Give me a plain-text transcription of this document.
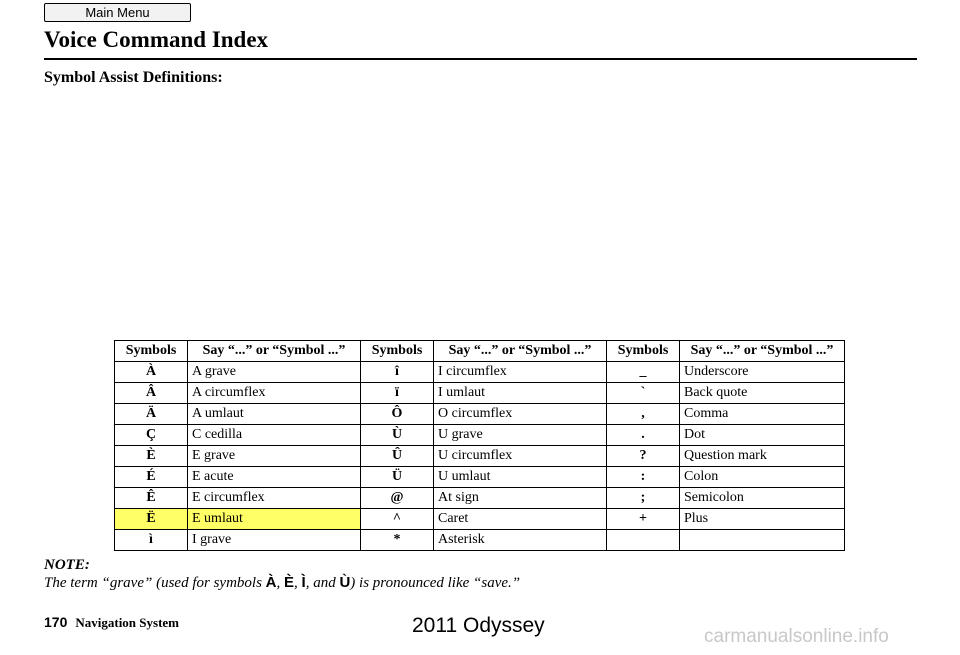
Main Menu
Voice Command Index
Symbol Assist Definitions:
Symbols	Say “...” or “Symbol ...”	Symbols	Say “...” or “Symbol ...”	Symbols	Say “...” or “Symbol ...”
À	A grave	î	I circumflex	_	Underscore
Â	A circumflex	ï	I umlaut	`	Back quote
Ä	A umlaut	Ô	O circumflex	,	Comma
Ç	C cedilla	Ù	U grave	.	Dot
È	E grave	Û	U circumflex	?	Question mark
É	E acute	Ü	U umlaut	:	Colon
Ê	E circumflex	@	At sign	;	Semicolon
Ë	E umlaut	^	Caret	+	Plus
ì	I grave	*	Asterisk		
NOTE:
The term “grave” (used for symbols À, È, Ì, and Ù) is pronounced like “save.”
170 Navigation System	2011 Odyssey	carmanualsonline.info
